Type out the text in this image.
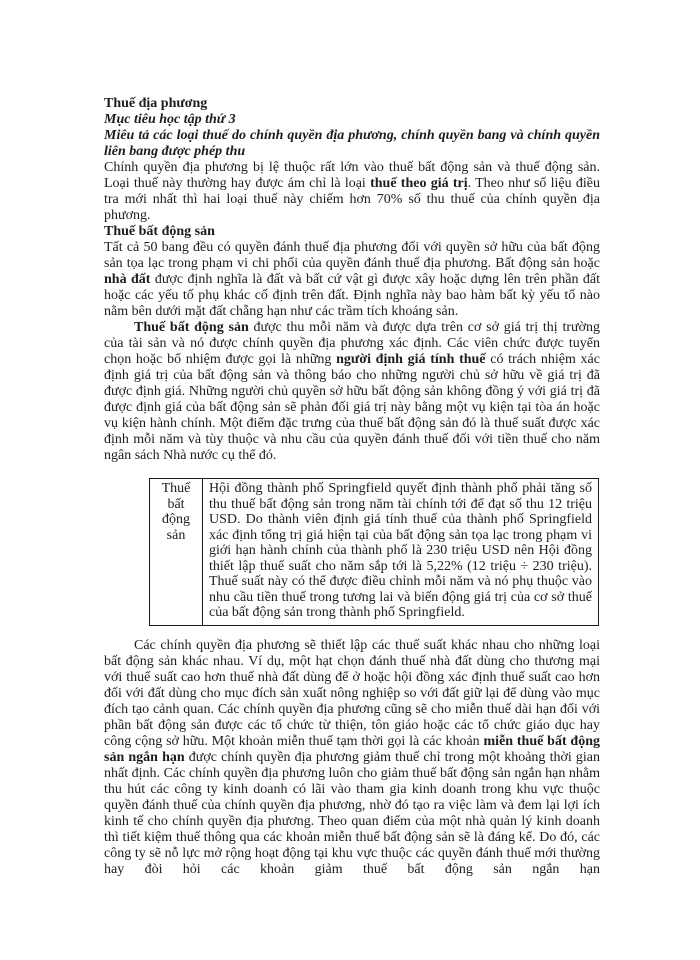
Thuế địa phương

Mục tiêu học tập thứ 3

Miêu tả các loại thuế do chính quyền địa phương, chính quyền bang và chính quyền liên bang được phép thu

Chính quyền địa phương bị lệ thuộc rất lớn vào thuế bất động sản và thuế động sản. Loại thuế này thường hay được ám chỉ là loại thuế theo giá trị. Theo như số liệu điều tra mới nhất thì hai loại thuế này chiếm hơn 70% số thu thuế của chính quyền địa phương.

Thuế bất động sản

Tất cả 50 bang đều có quyền đánh thuế địa phương đối với quyền sở hữu của bất động sản tọa lạc trong phạm vi chi phối của quyền đánh thuế địa phương. Bất động sản hoặc nhà đất được định nghĩa là đất và bất cứ vật gì được xây hoặc dựng lên trên phần đất hoặc các yếu tố phụ khác cố định trên đất. Định nghĩa này bao hàm bất kỳ yếu tố nào nằm bên dưới mặt đất chẵng hạn như các trầm tích khoáng sản.

Thuế bất động sản được thu mỗi năm và được dựa trên cơ sở giá trị thị trường của tài sản và nó được chính quyền địa phương xác định. Các viên chức được tuyển chọn hoặc bổ nhiệm được gọi là những người định giá tính thuế có trách nhiệm xác định giá trị của bất động sản và thông báo cho những người chủ sở hữu về giá trị đã được định giá. Những người chủ quyền sở hữu bất động sản không đồng ý với giá trị đã được định giá của bất động sản sẽ phản đối giá trị này bằng một vụ kiện tại tòa án hoặc vụ kiện hành chính. Một điểm đặc trưng của thuế bất động sản đó là thuế suất được xác định mỗi năm và tùy thuộc và nhu cầu của quyền đánh thuế đối với tiền thuế cho năm ngân sách Nhà nước cụ thể đó.

Thuế bất động sản	Hội đồng thành phố Springfield quyết định thành phố phải tăng số thu thuế bất động sản trong năm tài chính tới để đạt số thu 12 triệu USD. Do thành viên định giá tính thuế của thành phố Springfield xác định tổng trị giá hiện tại của bất động sản tọa lạc trong phạm vi giới hạn hành chính của thành phố là 230 triệu USD nên Hội đồng thiết lập thuế suất cho năm sắp tới là 5,22% (12 triệu ÷ 230 triệu). Thuế suất này có thể được điều chỉnh mỗi năm và nó phụ thuộc vào nhu cầu tiền thuế trong tương lai và biến động giá trị của cơ sở thuế của bất động sản trong thành phố Springfield.

Các chính quyền địa phương sẽ thiết lập các thuế suất khác nhau cho những loại bất động sản khác nhau. Ví dụ, một hạt chọn đánh thuế nhà đất dùng cho thương mại với thuế suất cao hơn thuế nhà đất dùng để ở hoặc hội đồng xác định thuế suất cao hơn đối với đất dùng cho mục đích sản xuất nông nghiệp so với đất giữ lại để dùng vào mục đích tạo cảnh quan. Các chính quyền địa phương cũng sẽ cho miễn thuế dài hạn đối với phần bất động sản được các tổ chức từ thiện, tôn giáo hoặc các tổ chức giáo dục hay công cộng sở hữu. Một khoản miễn thuế tạm thời gọi là các khoản miễn thuế bất động sản ngắn hạn được chính quyền địa phương giảm thuế chỉ trong một khoảng thời gian nhất định. Các chính quyền địa phương luôn cho giảm thuế bất động sản ngắn hạn nhằm thu hút các công ty kinh doanh có lãi vào tham gia kinh doanh trong khu vực thuộc quyền đánh thuế của chính quyền địa phương, nhờ đó tạo ra việc làm và đem lại lợi ích kinh tế cho chính quyền địa phương. Theo quan điểm của một nhà quản lý kinh doanh thì tiết kiệm thuế thông qua các khoản miễn thuế bất động sản sẽ là đáng kể. Do đó, các công ty sẽ nỗ lực mở rộng hoạt động tại khu vực thuộc các quyền đánh thuế mới thường hay đòi hỏi các khoản giảm thuế bất động sản ngắn hạn
